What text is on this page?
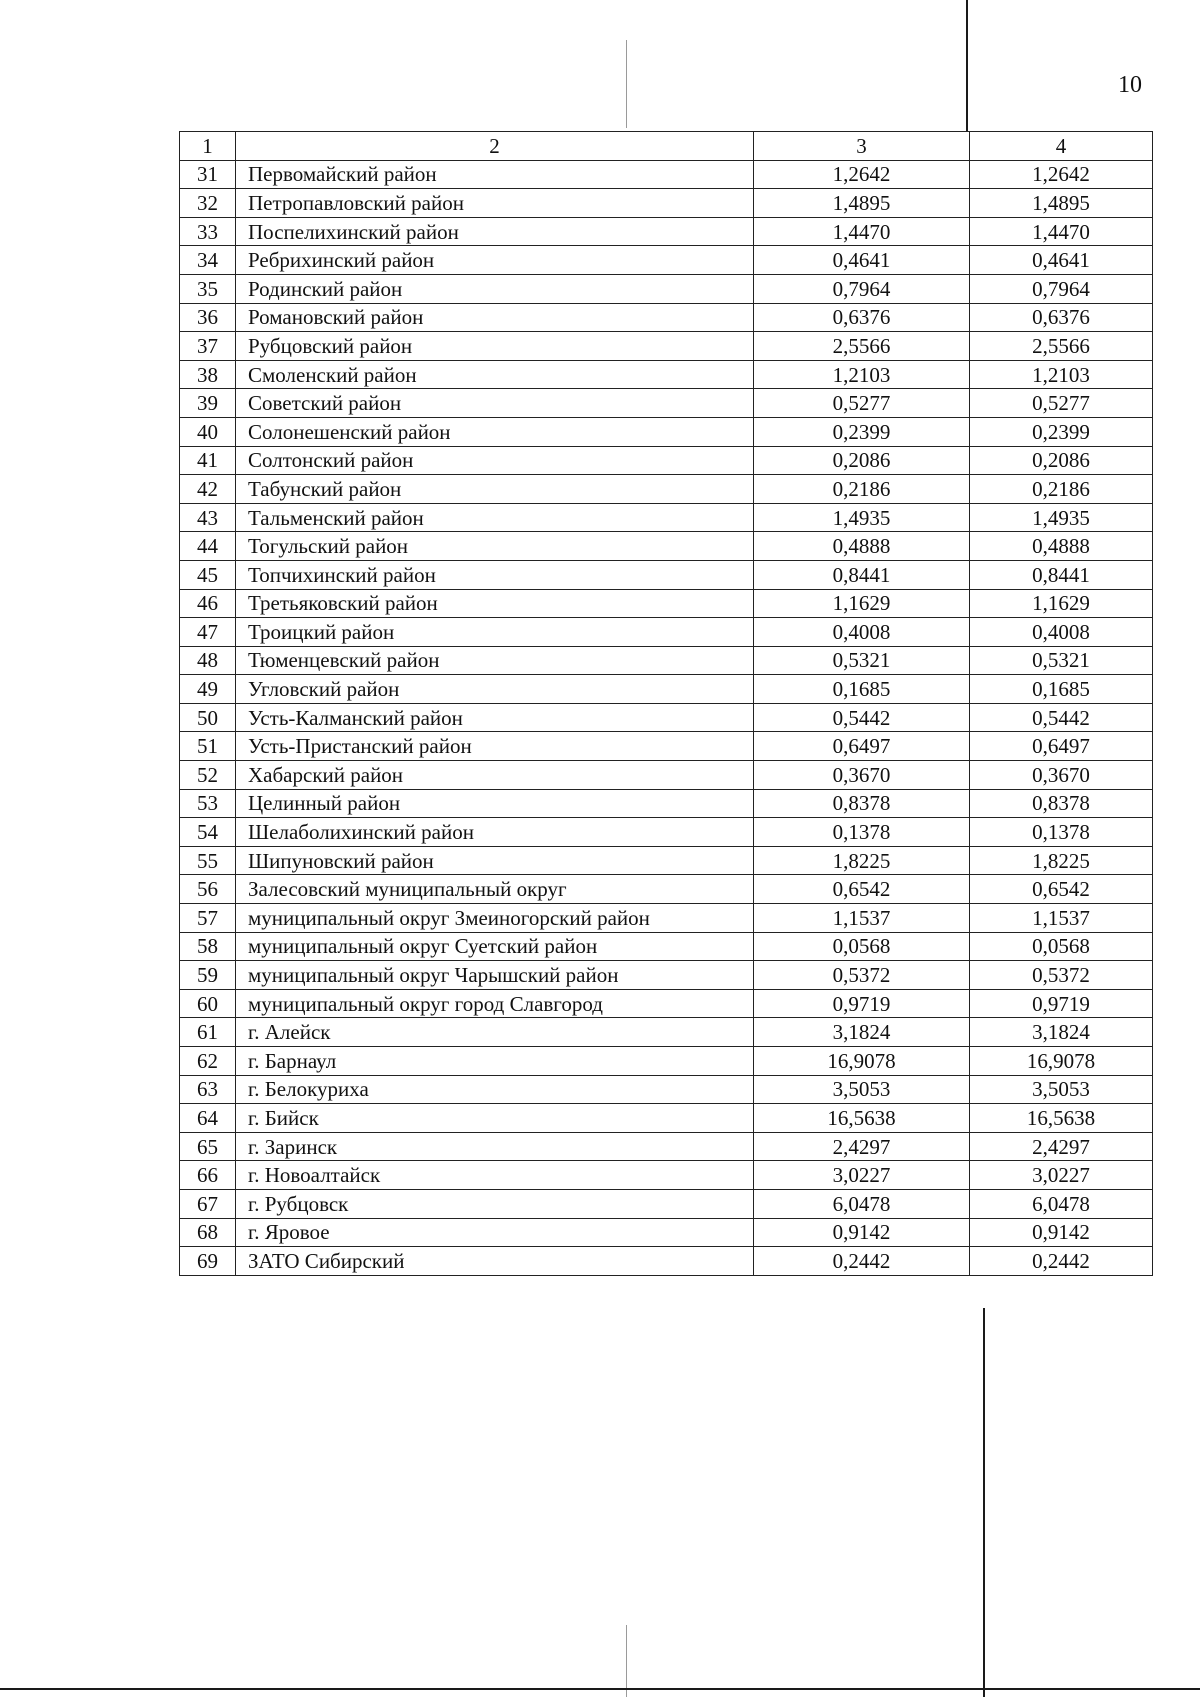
10
1	2	3	4
31	Первомайский район	1,2642	1,2642
32	Петропавловский район	1,4895	1,4895
33	Поспелихинский район	1,4470	1,4470
34	Ребрихинский район	0,4641	0,4641
35	Родинский район	0,7964	0,7964
36	Романовский район	0,6376	0,6376
37	Рубцовский район	2,5566	2,5566
38	Смоленский район	1,2103	1,2103
39	Советский район	0,5277	0,5277
40	Солонешенский район	0,2399	0,2399
41	Солтонский район	0,2086	0,2086
42	Табунский район	0,2186	0,2186
43	Тальменский район	1,4935	1,4935
44	Тогульский район	0,4888	0,4888
45	Топчихинский район	0,8441	0,8441
46	Третьяковский район	1,1629	1,1629
47	Троицкий район	0,4008	0,4008
48	Тюменцевский район	0,5321	0,5321
49	Угловский район	0,1685	0,1685
50	Усть-Калманский район	0,5442	0,5442
51	Усть-Пристанский район	0,6497	0,6497
52	Хабарский район	0,3670	0,3670
53	Целинный район	0,8378	0,8378
54	Шелаболихинский район	0,1378	0,1378
55	Шипуновский район	1,8225	1,8225
56	Залесовский муниципальный округ	0,6542	0,6542
57	муниципальный округ Змеиногорский район	1,1537	1,1537
58	муниципальный округ Суетский район	0,0568	0,0568
59	муниципальный округ Чарышский район	0,5372	0,5372
60	муниципальный округ город Славгород	0,9719	0,9719
61	г. Алейск	3,1824	3,1824
62	г. Барнаул	16,9078	16,9078
63	г. Белокуриха	3,5053	3,5053
64	г. Бийск	16,5638	16,5638
65	г. Заринск	2,4297	2,4297
66	г. Новоалтайск	3,0227	3,0227
67	г. Рубцовск	6,0478	6,0478
68	г. Яровое	0,9142	0,9142
69	ЗАТО Сибирский	0,2442	0,2442
